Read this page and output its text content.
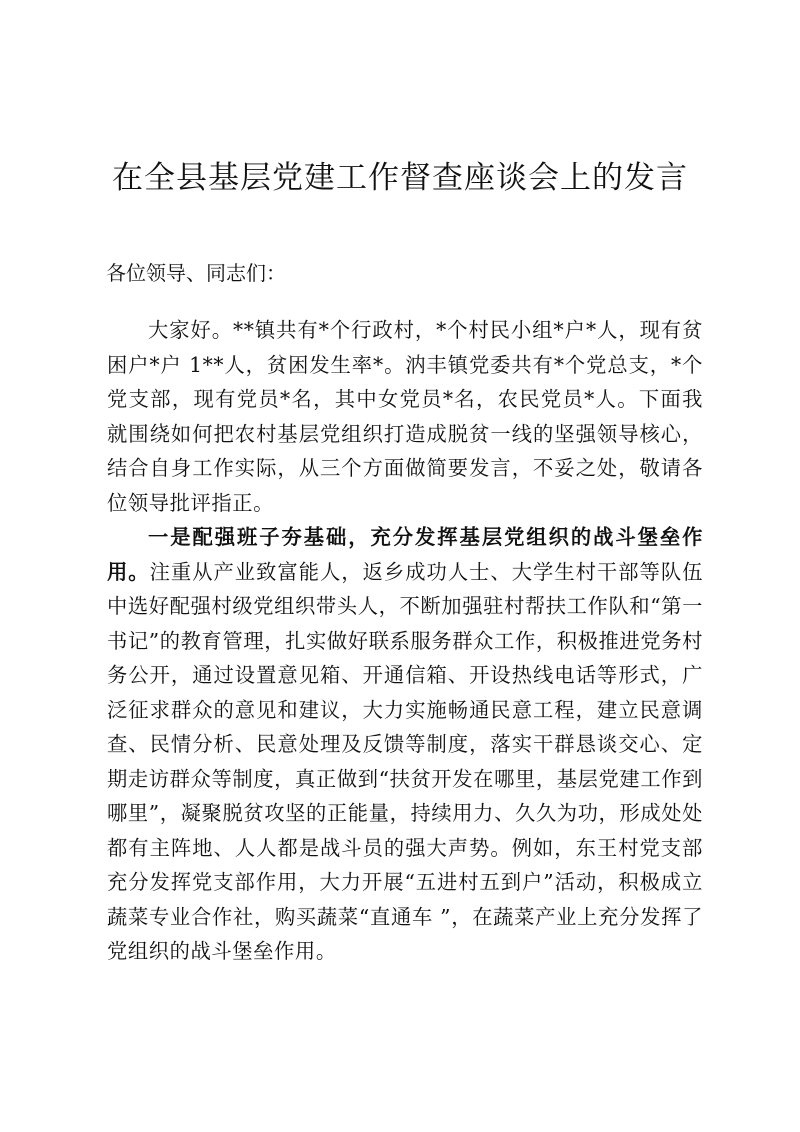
在全县基层党建工作督查座谈会上的发言

各位领导、同志们：

大家好。**镇共有*个行政村，*个村民小组*户*人，现有贫困户*户 1**人，贫困发生率*。汭丰镇党委共有*个党总支，*个党支部，现有党员*名，其中女党员*名，农民党员*人。下面我就围绕如何把农村基层党组织打造成脱贫一线的坚强领导核心，结合自身工作实际，从三个方面做简要发言，不妥之处，敬请各位领导批评指正。

一是配强班子夯基础，充分发挥基层党组织的战斗堡垒作用。注重从产业致富能人，返乡成功人士、大学生村干部等队伍中选好配强村级党组织带头人，不断加强驻村帮扶工作队和“第一书记”的教育管理，扎实做好联系服务群众工作，积极推进党务村务公开，通过设置意见箱、开通信箱、开设热线电话等形式，广泛征求群众的意见和建议，大力实施畅通民意工程，建立民意调查、民情分析、民意处理及反馈等制度，落实干群恳谈交心、定期走访群众等制度，真正做到“扶贫开发在哪里，基层党建工作到哪里”，凝聚脱贫攻坚的正能量，持续用力、久久为功，形成处处都有主阵地、人人都是战斗员的强大声势。例如，东王村党支部充分发挥党支部作用，大力开展“五进村五到户”活动，积极成立蔬菜专业合作社，购买蔬菜“直通车 ”，在蔬菜产业上充分发挥了党组织的战斗堡垒作用。
